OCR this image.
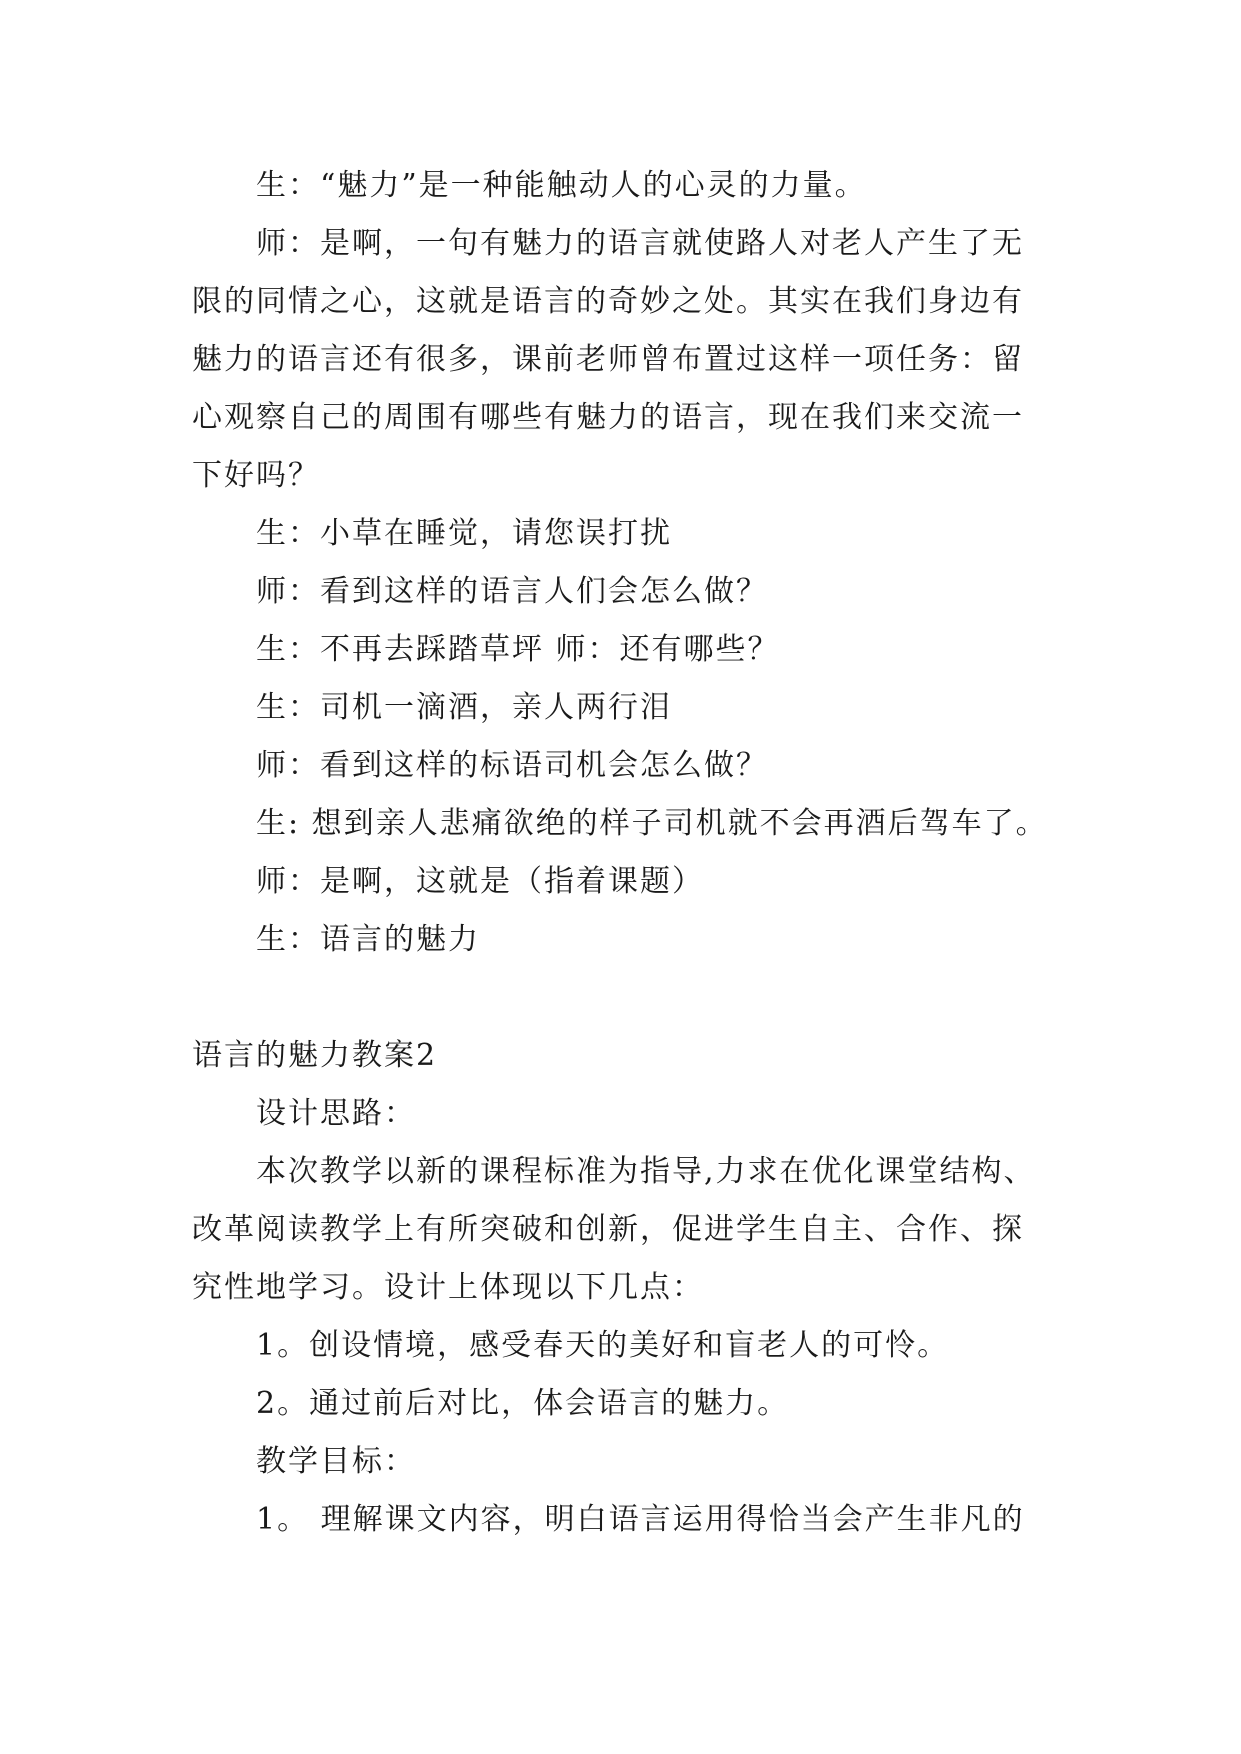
生：“魅力”是一种能触动人的心灵的力量。
师：是啊，一句有魅力的语言就使路人对老人产生了无
限的同情之心，这就是语言的奇妙之处。其实在我们身边有
魅力的语言还有很多，课前老师曾布置过这样一项任务：留
心观察自己的周围有哪些有魅力的语言，现在我们来交流一
下好吗？
生：小草在睡觉，请您误打扰
师：看到这样的语言人们会怎么做？
生：不再去踩踏草坪 师：还有哪些？
生：司机一滴酒，亲人两行泪
师：看到这样的标语司机会怎么做？
生: 想到亲人悲痛欲绝的样子司机就不会再酒后驾车了。
师：是啊，这就是（指着课题）
生：语言的魅力
语言的魅力教案2
设计思路：
本次教学以新的课程标准为指导,力求在优化课堂结构、
改革阅读教学上有所突破和创新，促进学生自主、合作、探
究性地学习。设计上体现以下几点：
1。创设情境，感受春天的美好和盲老人的可怜。
2。通过前后对比，体会语言的魅力。
教学目标：
1。 理解课文内容，明白语言运用得恰当会产生非凡的
